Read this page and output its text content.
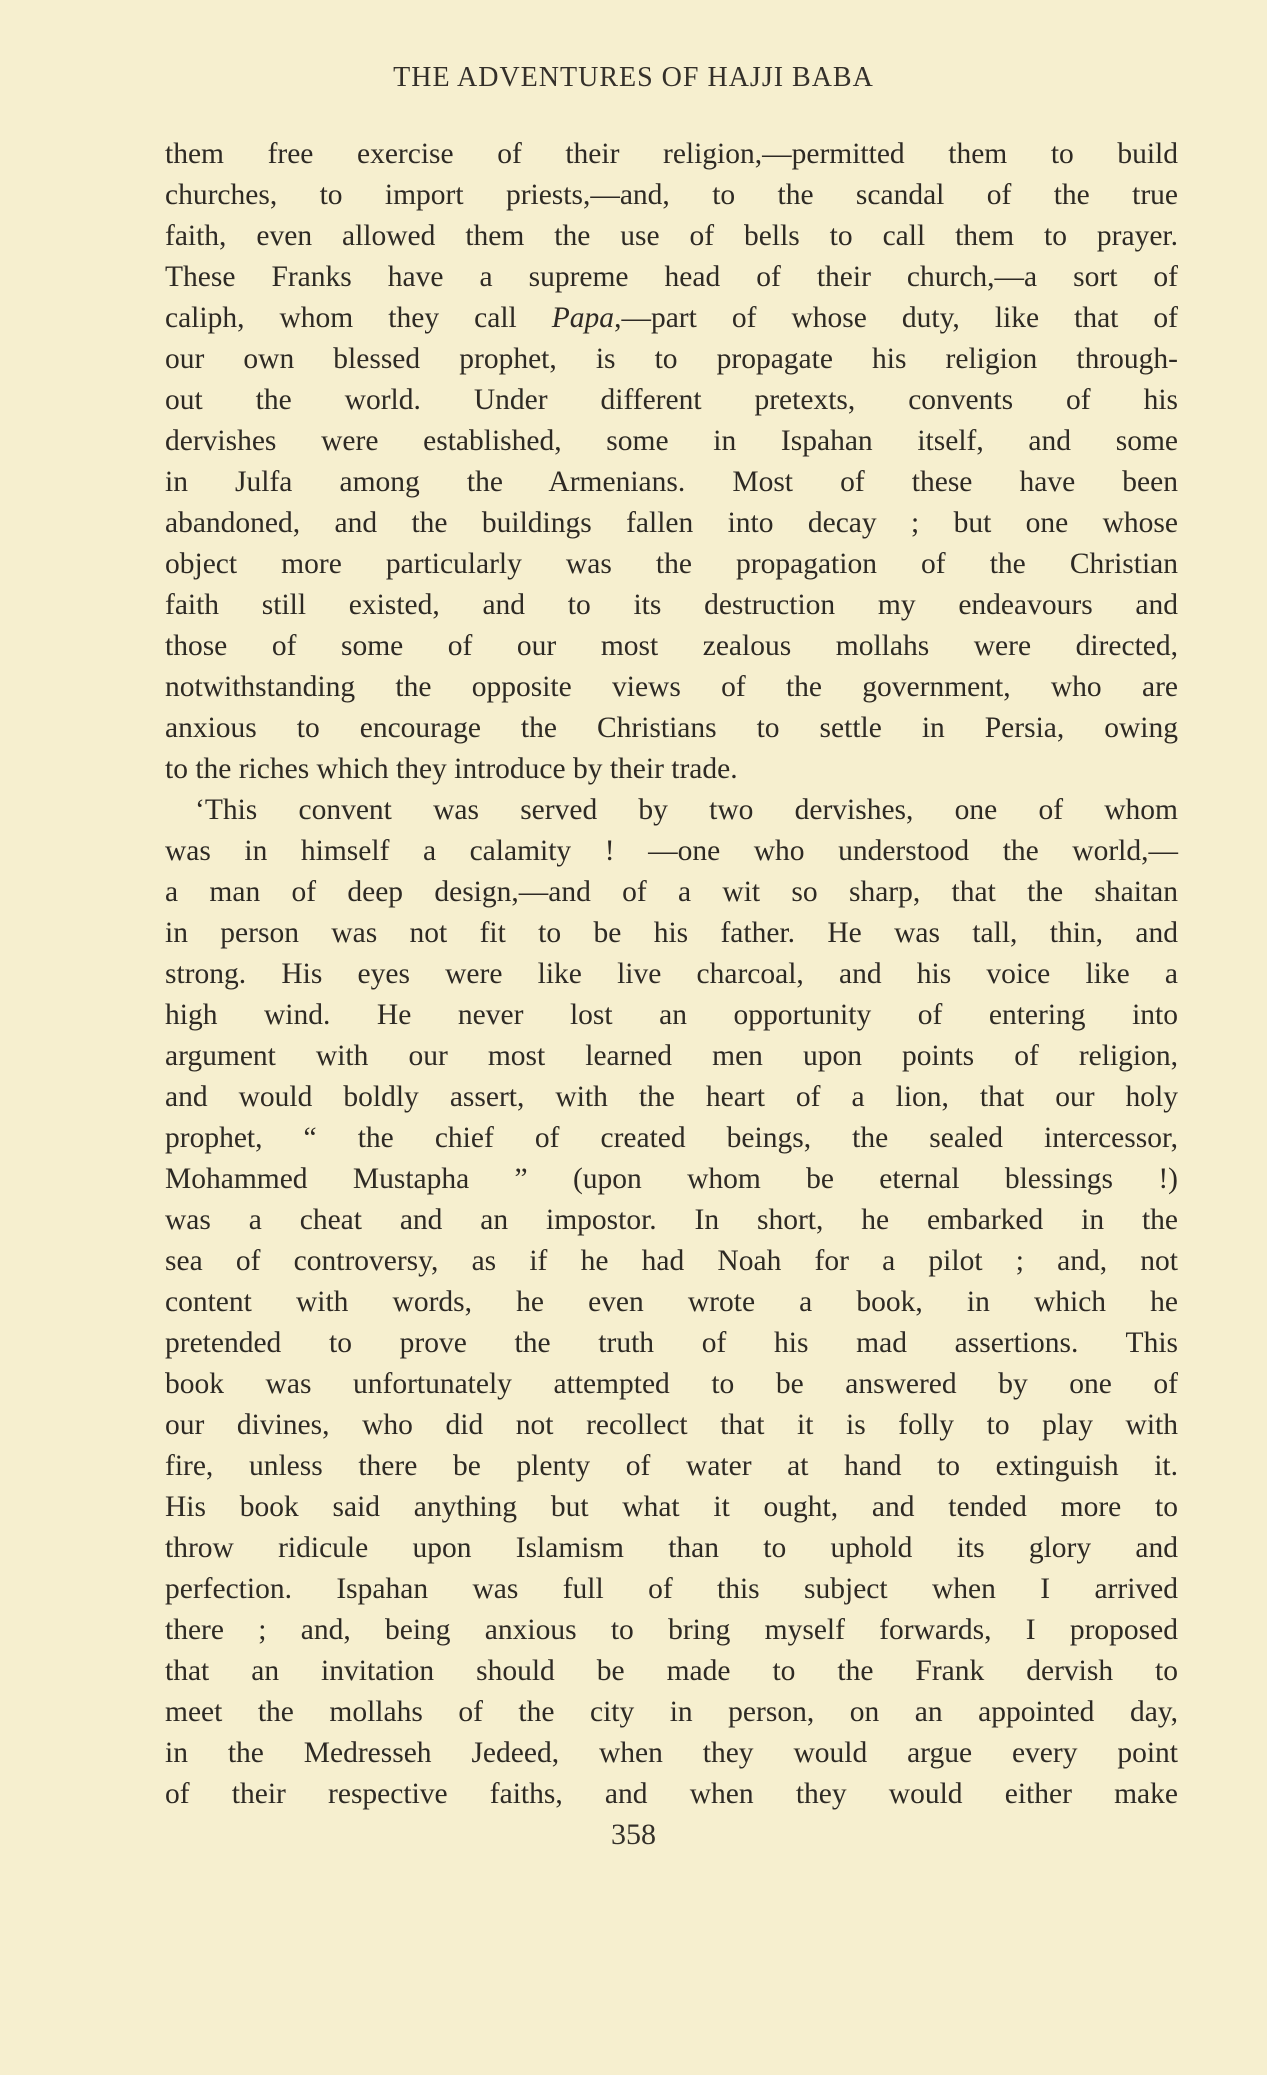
THE ADVENTURES OF HAJJI BABA
them free exercise of their religion,—permitted them to build
churches, to import priests,—and, to the scandal of the true
faith, even allowed them the use of bells to call them to prayer.
These Franks have a supreme head of their church,—a sort of
caliph, whom they call Papa,—part of whose duty, like that of
our own blessed prophet, is to propagate his religion through-
out the world. Under different pretexts, convents of his
dervishes were established, some in Ispahan itself, and some
in Julfa among the Armenians. Most of these have been
abandoned, and the buildings fallen into decay ; but one whose
object more particularly was the propagation of the Christian
faith still existed, and to its destruction my endeavours and
those of some of our most zealous mollahs were directed,
notwithstanding the opposite views of the government, who are
anxious to encourage the Christians to settle in Persia, owing
to the riches which they introduce by their trade.
‘This convent was served by two dervishes, one of whom
was in himself a calamity ! —one who understood the world,—
a man of deep design,—and of a wit so sharp, that the shaitan
in person was not fit to be his father. He was tall, thin, and
strong. His eyes were like live charcoal, and his voice like a
high wind. He never lost an opportunity of entering into
argument with our most learned men upon points of religion,
and would boldly assert, with the heart of a lion, that our holy
prophet, “ the chief of created beings, the sealed intercessor,
Mohammed Mustapha ” (upon whom be eternal blessings !)
was a cheat and an impostor. In short, he embarked in the
sea of controversy, as if he had Noah for a pilot ; and, not
content with words, he even wrote a book, in which he
pretended to prove the truth of his mad assertions. This
book was unfortunately attempted to be answered by one of
our divines, who did not recollect that it is folly to play with
fire, unless there be plenty of water at hand to extinguish it.
His book said anything but what it ought, and tended more to
throw ridicule upon Islamism than to uphold its glory and
perfection. Ispahan was full of this subject when I arrived
there ; and, being anxious to bring myself forwards, I proposed
that an invitation should be made to the Frank dervish to
meet the mollahs of the city in person, on an appointed day,
in the Medresseh Jedeed, when they would argue every point
of their respective faiths, and when they would either make
358
